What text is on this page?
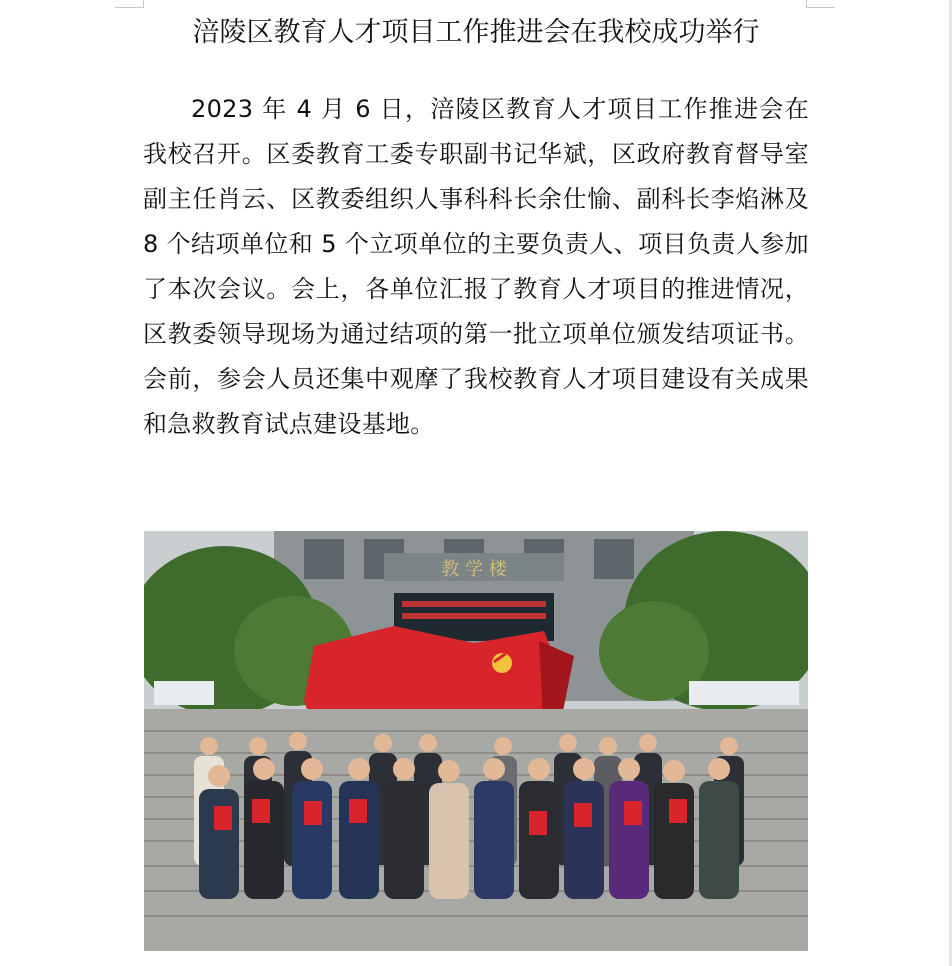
涪陵区教育人才项目工作推进会在我校成功举行

2023 年 4 月 6 日，涪陵区教育人才项目工作推进会在我校召开。区委教育工委专职副书记华斌，区政府教育督导室副主任肖云、区教委组织人事科科长余仕愉、副科长李焰淋及 8 个结项单位和 5 个立项单位的主要负责人、项目负责人参加了本次会议。会上，各单位汇报了教育人才项目的推进情况，区教委领导现场为通过结项的第一批立项单位颁发结项证书。会前，参会人员还集中观摩了我校教育人才项目建设有关成果和急救教育试点建设基地。

教 学 楼
